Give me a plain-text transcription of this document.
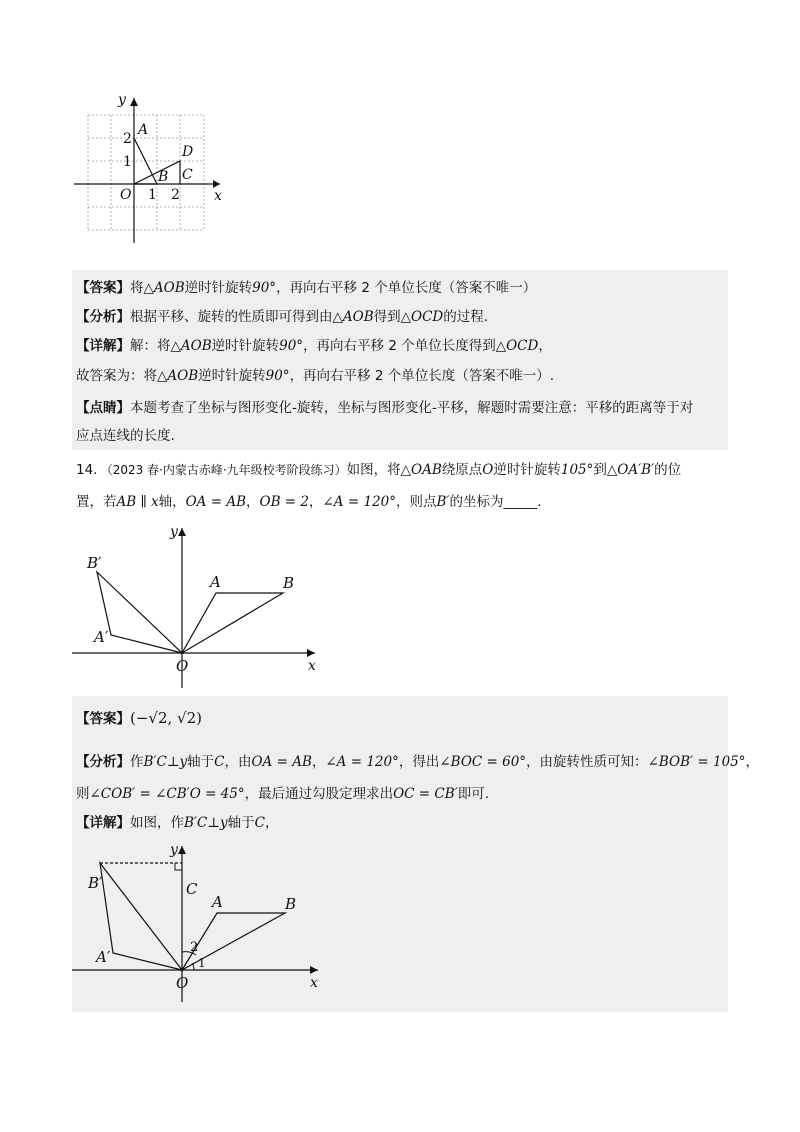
y
x
A
D
C
B
O
1
2
1 2
【答案】将△AOB逆时针旋转90°，再向右平移 2 个单位长度（答案不唯一）
【分析】根据平移、旋转的性质即可得到由△AOB得到△OCD的过程.
【详解】解：将△AOB逆时针旋转90°，再向右平移 2 个单位长度得到△OCD，
故答案为：将△AOB逆时针旋转90°，再向右平移 2 个单位长度（答案不唯一）.
【点睛】本题考查了坐标与图形变化-旋转，坐标与图形变化-平移，解题时需要注意：平移的距离等于对
应点连线的长度.
14．（2023 春·内蒙古赤峰·九年级校考阶段练习）如图，将△OAB绕原点O逆时针旋转105°到△OA′B′的位
置，若AB ∥ x轴，OA = AB，OB = 2，∠A = 120°，则点B′的坐标为_____.
y
x
B′
A′
A	B
O
【答案】(−√2, √2)
【分析】作B′C⊥y轴于C，由OA = AB，∠A = 120°，得出∠BOC = 60°，由旋转性质可知：∠BOB′ = 105°，
则∠COB′ = ∠CB′O = 45°，最后通过勾股定理求出OC = CB′即可.
【详解】如图，作B′C⊥y轴于C，
y
x
B′	C
A	B
A′
O
2
1
